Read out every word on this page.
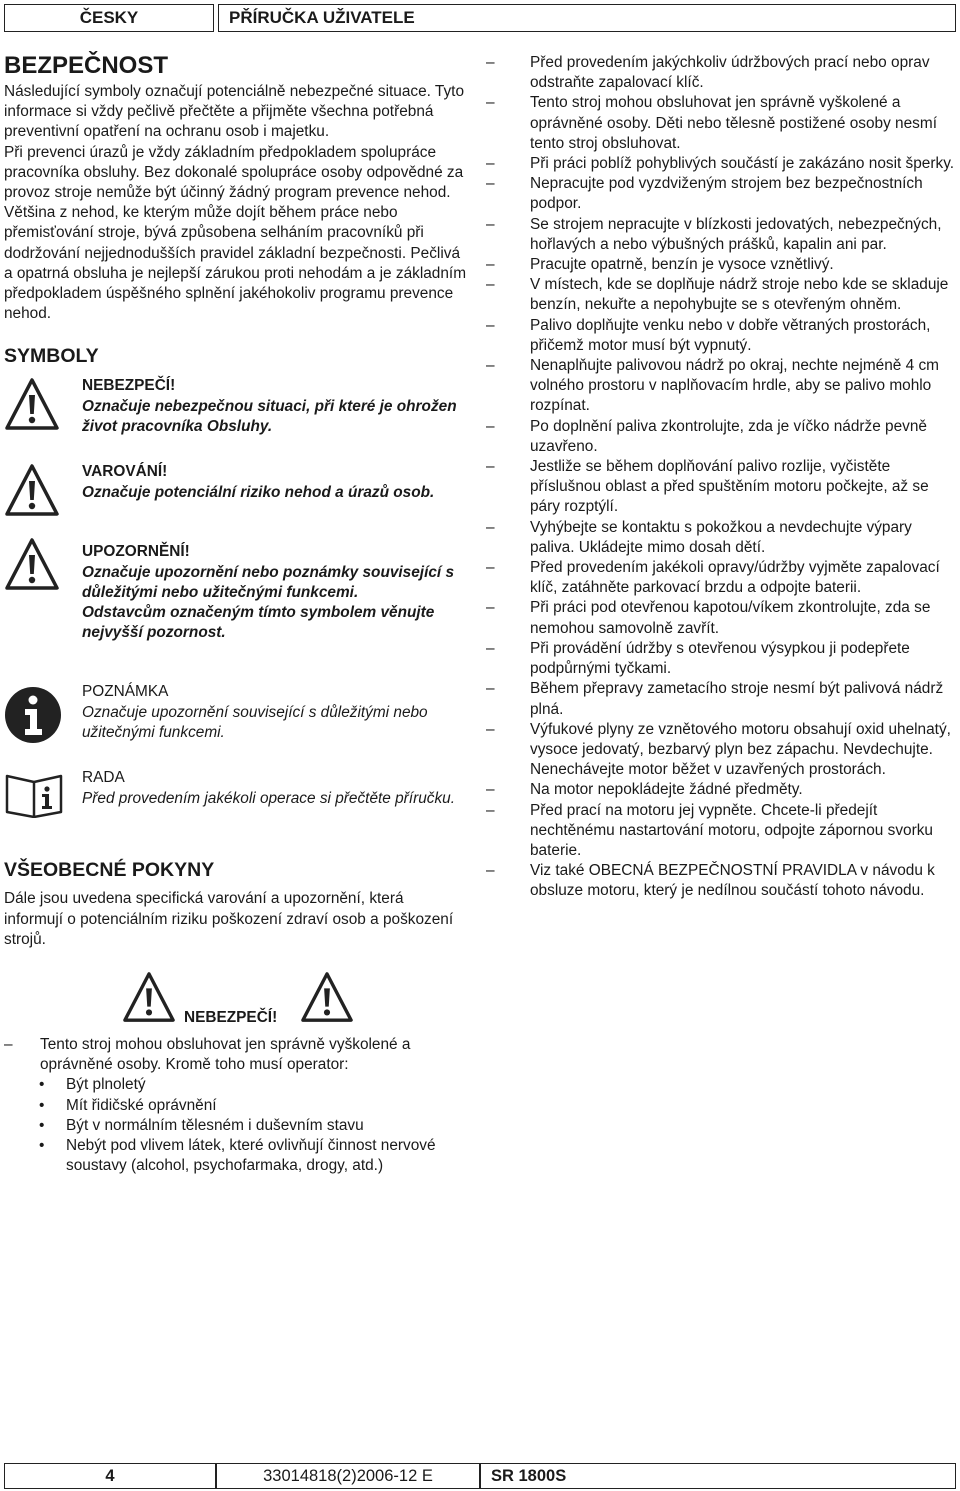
ČESKY	PŘÍRUČKA UŽIVATELE
BEZPEČNOST

Následující symboly označují potenciálně nebezpečné situace. Tyto informace si vždy pečlivě přečtěte a přijměte všechna potřebná preventivní opatření na ochranu osob i majetku.

Při prevenci úrazů je vždy základním předpokladem spolupráce pracovníka obsluhy. Bez dokonalé spolupráce osoby odpovědné za provoz stroje nemůže být účinný žádný program prevence nehod. Většina z nehod, ke kterým může dojít během práce nebo přemisťování stroje, bývá způsobena selháním pracovníků při dodržování nejjednodušších pravidel základní bezpečnosti. Pečlivá a opatrná obsluha je nejlepší zárukou proti nehodám a je základním předpokladem úspěšného splnění jakéhokoliv programu prevence nehod.

SYMBOLY
NEBEZPEČÍ!
Označuje nebezpečnou situaci, při které je ohrožen život pracovníka Obsluhy.
VAROVÁNÍ!
Označuje potenciální riziko nehod a úrazů osob.
UPOZORNĚNÍ!
Označuje upozornění nebo poznámky související s důležitými nebo užitečnými funkcemi.
Odstavcům označeným tímto symbolem věnujte nejvyšší pozornost.
POZNÁMKA
Označuje upozornění související s důležitými nebo užitečnými funkcemi.
RADA
Před provedením jakékoli operace si přečtěte příručku.
VŠEOBECNÉ POKYNY

Dále jsou uvedena specifická varování a upozornění, která informují o potenciálním riziku poškození zdraví osob a poškození strojů.

NEBEZPEČÍ!
– Tento stroj mohou obsluhovat jen správně vyškolené a oprávněné osoby. Kromě toho musí operator:
• Být plnoletý
• Mít řidičské oprávnění
• Být v normálním tělesném i duševním stavu
• Nebýt pod vlivem látek, které ovlivňují činnost nervové soustavy (alcohol, psychofarmaka, drogy, atd.)
– Před provedením jakýchkoliv údržbových prací nebo oprav odstraňte zapalovací klíč.
– Tento stroj mohou obsluhovat jen správně vyškolené a oprávněné osoby. Děti nebo tělesně postižené osoby nesmí tento stroj obsluhovat.
– Při práci poblíž pohyblivých součástí je zakázáno nosit šperky.
– Nepracujte pod vyzdviženým strojem bez bezpečnostních podpor.
– Se strojem nepracujte v blízkosti jedovatých, nebezpečných, hořlavých a nebo výbušných prášků, kapalin ani par.
– Pracujte opatrně, benzín je vysoce vznětlivý.
– V místech, kde se doplňuje nádrž stroje nebo kde se skladuje benzín, nekuřte a nepohybujte se s otevřeným ohněm.
– Palivo doplňujte venku nebo v dobře větraných prostorách, přičemž motor musí být vypnutý.
– Nenaplňujte palivovou nádrž po okraj, nechte nejméně 4 cm volného prostoru v naplňovacím hrdle, aby se palivo mohlo rozpínat.
– Po doplnění paliva zkontrolujte, zda je víčko nádrže pevně uzavřeno.
– Jestliže se během doplňování palivo rozlije, vyčistěte příslušnou oblast a před spuštěním motoru počkejte, až se páry rozptýlí.
– Vyhýbejte se kontaktu s pokožkou a nevdechujte výpary paliva. Ukládejte mimo dosah dětí.
– Před provedením jakékoli opravy/údržby vyjměte zapalovací klíč, zatáhněte parkovací brzdu a odpojte baterii.
– Při práci pod otevřenou kapotou/víkem zkontrolujte, zda se nemohou samovolně zavřít.
– Při provádění údržby s otevřenou výsypkou ji podepřete podpůrnými tyčkami.
– Během přepravy zametacího stroje nesmí být palivová nádrž plná.
– Výfukové plyny ze vznětového motoru obsahují oxid uhelnatý, vysoce jedovatý, bezbarvý plyn bez zápachu. Nevdechujte. Nenechávejte motor běžet v uzavřených prostorách.
– Na motor nepokládejte žádné předměty.
– Před prací na motoru jej vypněte. Chcete-li předejít nechtěnému nastartování motoru, odpojte zápornou svorku baterie.
– Viz také OBECNÁ BEZPEČNOSTNÍ PRAVIDLA v návodu k obsluze motoru, který je nedílnou součástí tohoto návodu.
4	33014818(2)2006-12 E	SR 1800S
